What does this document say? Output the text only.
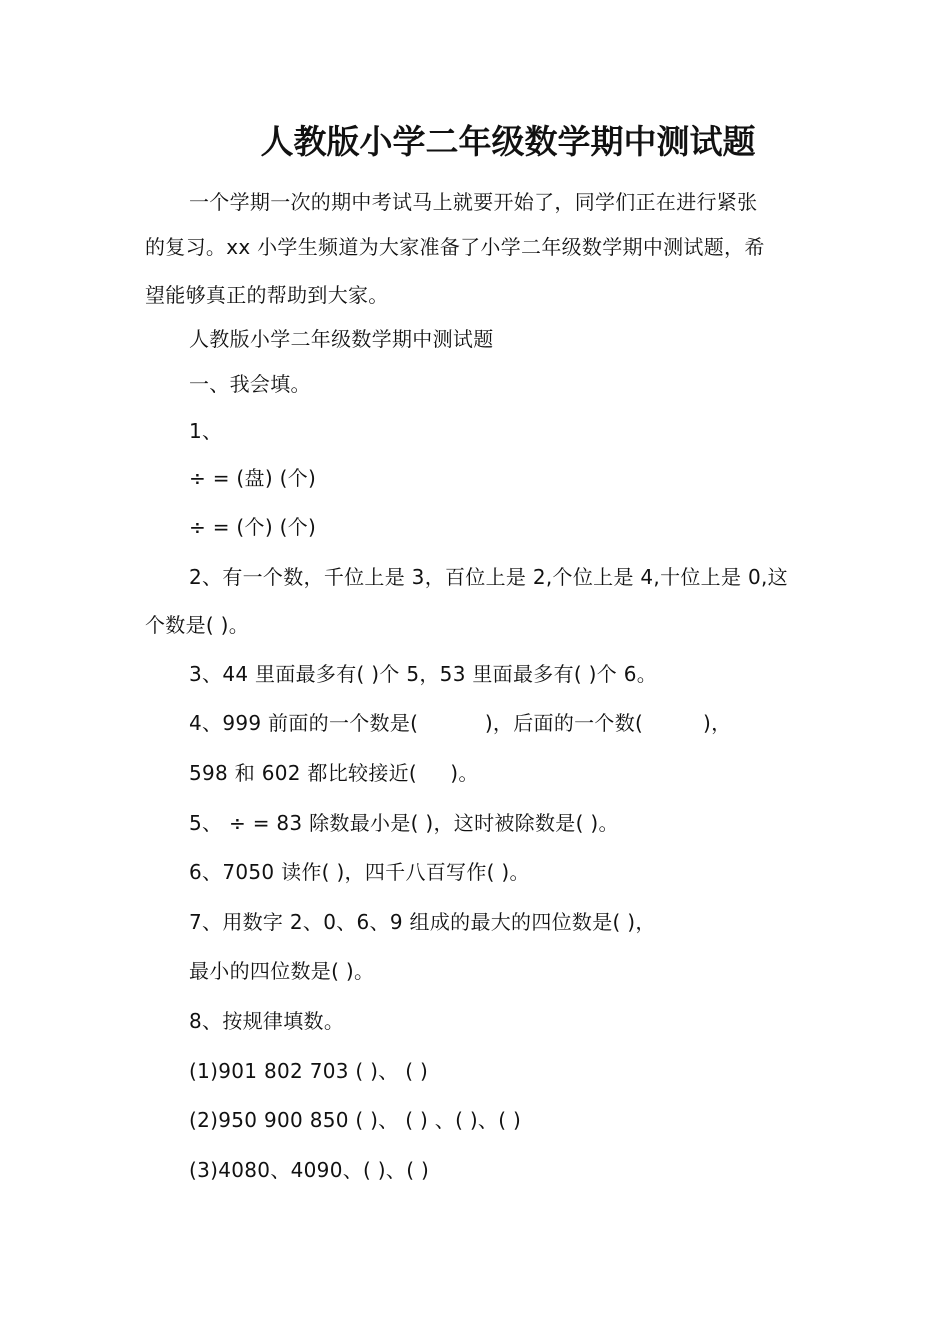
人教版小学二年级数学期中测试题
一个学期一次的期中考试马上就要开始了，同学们正在进行紧张
的复习。xx 小学生频道为大家准备了小学二年级数学期中测试题，希
望能够真正的帮助到大家。
人教版小学二年级数学期中测试题
一、我会填。
1、
÷ = (盘) (个)
÷ = (个) (个)
2、有一个数，千位上是 3，百位上是 2,个位上是 4,十位上是 0,这
个数是( )。
3、44 里面最多有( )个 5，53 里面最多有( )个 6。
4、999 前面的一个数是(          )，后面的一个数(         )，
598 和 602 都比较接近(     )。
5、 ÷ = 83 除数最小是( )，这时被除数是( )。
6、7050 读作( )，四千八百写作( )。
7、用数字 2、0、6、9 组成的最大的四位数是( )，
最小的四位数是( )。
8、按规律填数。
(1)901 802 703 ( )、 ( )
(2)950 900 850 ( )、 ( ) 、( )、( )
(3)4080、4090、( )、( )
